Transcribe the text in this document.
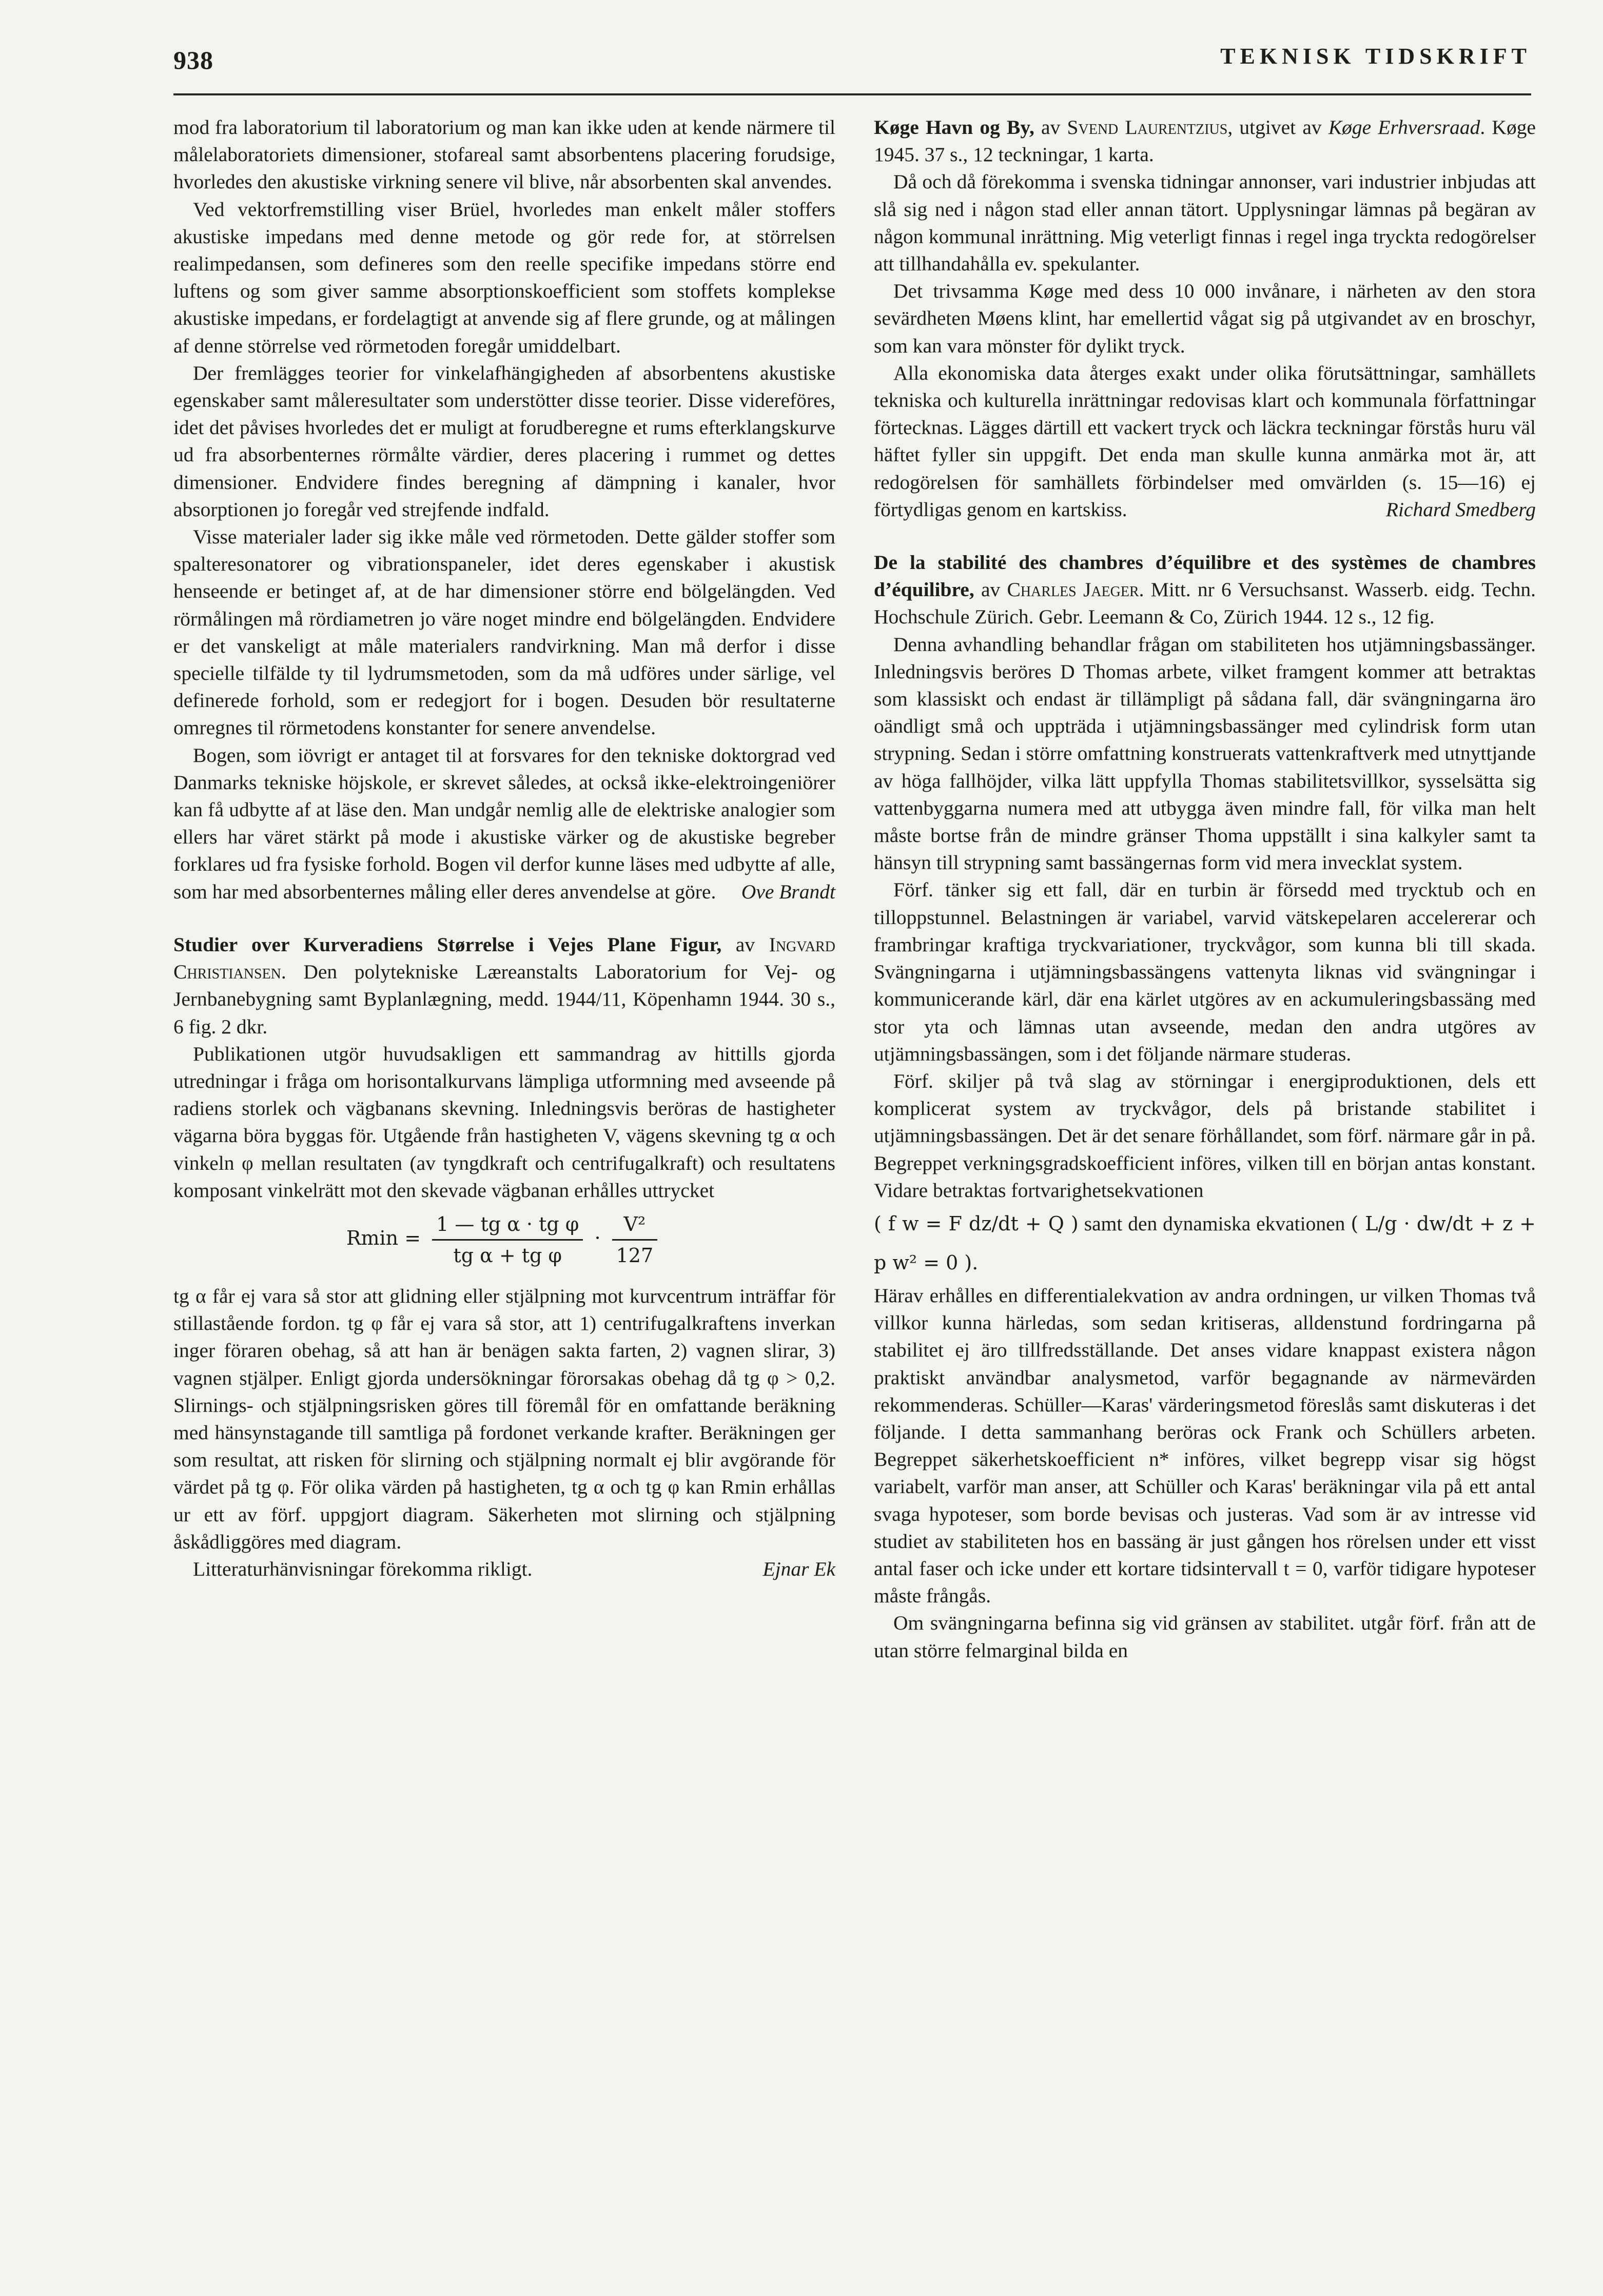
938	TEKNISK TIDSKRIFT

mod fra laboratorium til laboratorium og man kan ikke uden at kende närmere til målelaboratoriets dimensioner, stofareal samt absorbentens placering forudsige, hvorledes den akustiske virkning senere vil blive, når absorbenten skal anvendes.

Ved vektorfremstilling viser Brüel, hvorledes man enkelt måler stoffers akustiske impedans med denne metode og gör rede for, at störrelsen realimpedansen, som defineres som den reelle specifike impedans större end luftens og som giver samme absorptionskoefficient som stoffets komplekse akustiske impedans, er fordelagtigt at anvende sig af flere grunde, og at målingen af denne störrelse ved rörmetoden foregår umiddelbart.

Der fremlägges teorier for vinkelafhängigheden af absorbentens akustiske egenskaber samt måleresultater som understötter disse teorier. Disse videreföres, idet det påvises hvorledes det er muligt at forudberegne et rums efterklangskurve ud fra absorbenternes rörmålte värdier, deres placering i rummet og dettes dimensioner. Endvidere findes beregning af dämpning i kanaler, hvor absorptionen jo foregår ved strejfende indfald.

Visse materialer lader sig ikke måle ved rörmetoden. Dette gälder stoffer som spalteresonatorer og vibrationspaneler, idet deres egenskaber i akustisk henseende er betinget af, at de har dimensioner större end bölgelängden. Ved rörmålingen må rördiametren jo väre noget mindre end bölgelängden. Endvidere er det vanskeligt at måle materialers randvirkning. Man må derfor i disse specielle tilfälde ty til lydrumsmetoden, som da må udföres under särlige, vel definerede forhold, som er redegjort for i bogen. Desuden bör resultaterne omregnes til rörmetodens konstanter for senere anvendelse.

Bogen, som iövrigt er antaget til at forsvares for den tekniske doktorgrad ved Danmarks tekniske höjskole, er skrevet således, at också ikke-elektroingeniörer kan få udbytte af at läse den. Man undgår nemlig alle de elektriske analogier som ellers har väret stärkt på mode i akustiske värker og de akustiske begreber forklares ud fra fysiske forhold. Bogen vil derfor kunne läses med udbytte af alle, som har med absorbenternes måling eller deres anvendelse at göre.	Ove Brandt

Studier over Kurveradiens Størrelse i Vejes Plane Figur, av Ingvard Christiansen. Den polytekniske Læreanstalts Laboratorium for Vej- og Jernbanebygning samt Byplanlægning, medd. 1944/11, Köpenhamn 1944. 30 s., 6 fig. 2 dkr.

Publikationen utgör huvudsakligen ett sammandrag av hittills gjorda utredningar i fråga om horisontalkurvans lämpliga utformning med avseende på radiens storlek och vägbanans skevning. Inledningsvis beröras de hastigheter vägarna böra byggas för. Utgående från hastigheten V, vägens skevning tg α och vinkeln φ mellan resultaten (av tyngdkraft och centrifugalkraft) och resultatens komposant vinkelrätt mot den skevade vägbanan erhålles uttrycket

$Rmin = \frac{\text{1 — tg α · tg φ}}{\text{tg α + tg φ}} \cdot \frac{\text{V²}}{127}$

tg α får ej vara så stor att glidning eller stjälpning mot kurvcentrum inträffar för stillastående fordon. tg φ får ej vara så stor, att 1) centrifugalkraftens inverkan inger föraren obehag, så att han är benägen sakta farten, 2) vagnen slirar, 3) vagnen stjälper. Enligt gjorda undersökningar förorsakas obehag då tg φ > 0,2. Slirnings- och stjälpningsrisken göres till föremål för en omfattande beräkning med hänsynstagande till samtliga på fordonet verkande krafter. Beräkningen ger som resultat, att risken för slirning och stjälpning normalt ej blir avgörande för värdet på tg φ. För olika värden på hastigheten, tg α och tg φ kan Rmin erhållas ur ett av förf. uppgjort diagram. Säkerheten mot slirning och stjälpning åskådliggöres med diagram.

Litteraturhänvisningar förekomma rikligt.	Ejnar Ek

Køge Havn og By, av Svend Laurentzius, utgivet av Køge Erhversraad. Køge 1945. 37 s., 12 teckningar, 1 karta.

Då och då förekomma i svenska tidningar annonser, vari industrier inbjudas att slå sig ned i någon stad eller annan tätort. Upplysningar lämnas på begäran av någon kommunal inrättning. Mig veterligt finnas i regel inga tryckta redogörelser att tillhandahålla ev. spekulanter.

Det trivsamma Køge med dess 10 000 invånare, i närheten av den stora sevärdheten Møens klint, har emellertid vågat sig på utgivandet av en broschyr, som kan vara mönster för dylikt tryck.

Alla ekonomiska data återges exakt under olika förutsättningar, samhällets tekniska och kulturella inrättningar redovisas klart och kommunala författningar förtecknas. Lägges därtill ett vackert tryck och läckra teckningar förstås huru väl häftet fyller sin uppgift. Det enda man skulle kunna anmärka mot är, att redogörelsen för samhällets förbindelser med omvärlden (s. 15—16) ej förtydligas genom en kartskiss.	Richard Smedberg

De la stabilité des chambres d’équilibre et des systèmes de chambres d’équilibre, av Charles Jaeger. Mitt. nr 6 Versuchsanst. Wasserb. eidg. Techn. Hochschule Zürich. Gebr. Leemann & Co, Zürich 1944. 12 s., 12 fig.

Denna avhandling behandlar frågan om stabiliteten hos utjämningsbassänger. Inledningsvis beröres D Thomas arbete, vilket framgent kommer att betraktas som klassiskt och endast är tillämpligt på sådana fall, där svängningarna äro oändligt små och uppträda i utjämningsbassänger med cylindrisk form utan strypning. Sedan i större omfattning konstruerats vattenkraftverk med utnyttjande av höga fallhöjder, vilka lätt uppfylla Thomas stabilitetsvillkor, sysselsätta sig vattenbyggarna numera med att utbygga även mindre fall, för vilka man helt måste bortse från de mindre gränser Thoma uppställt i sina kalkyler samt ta hänsyn till strypning samt bassängernas form vid mera invecklat system.

Förf. tänker sig ett fall, där en turbin är försedd med trycktub och en tilloppstunnel. Belastningen är variabel, varvid vätskepelaren accelererar och frambringar kraftiga tryckvariationer, tryckvågor, som kunna bli till skada. Svängningarna i utjämningsbassängens vattenyta liknas vid svängningar i kommunicerande kärl, där ena kärlet utgöres av en ackumuleringsbassäng med stor yta och lämnas utan avseende, medan den andra utgöres av utjämningsbassängen, som i det följande närmare studeras.

Förf. skiljer på två slag av störningar i energiproduktionen, dels ett komplicerat system av tryckvågor, dels på bristande stabilitet i utjämningsbassängen. Det är det senare förhållandet, som förf. närmare går in på. Begreppet verkningsgradskoefficient införes, vilken till en början antas konstant. Vidare betraktas fortvarighetsekvationen

( f w = F dz/dt + Q ) samt den dynamiska ekvationen ( L/g · dw/dt + z + p w² = 0 ).

Härav erhålles en differentialekvation av andra ordningen, ur vilken Thomas två villkor kunna härledas, som sedan kritiseras, alldenstund fordringarna på stabilitet ej äro tillfredsställande. Det anses vidare knappast existera någon praktiskt användbar analysmetod, varför begagnande av närmevärden rekommenderas. Schüller—Karas' värderingsmetod föreslås samt diskuteras i det följande. I detta sammanhang beröras ock Frank och Schüllers arbeten. Begreppet säkerhetskoefficient n* införes, vilket begrepp visar sig högst variabelt, varför man anser, att Schüller och Karas' beräkningar vila på ett antal svaga hypoteser, som borde bevisas och justeras. Vad som är av intresse vid studiet av stabiliteten hos en bassäng är just gången hos rörelsen under ett visst antal faser och icke under ett kortare tidsintervall t = 0, varför tidigare hypoteser måste frångås.

Om svängningarna befinna sig vid gränsen av stabilitet. utgår förf. från att de utan större felmarginal bilda en
